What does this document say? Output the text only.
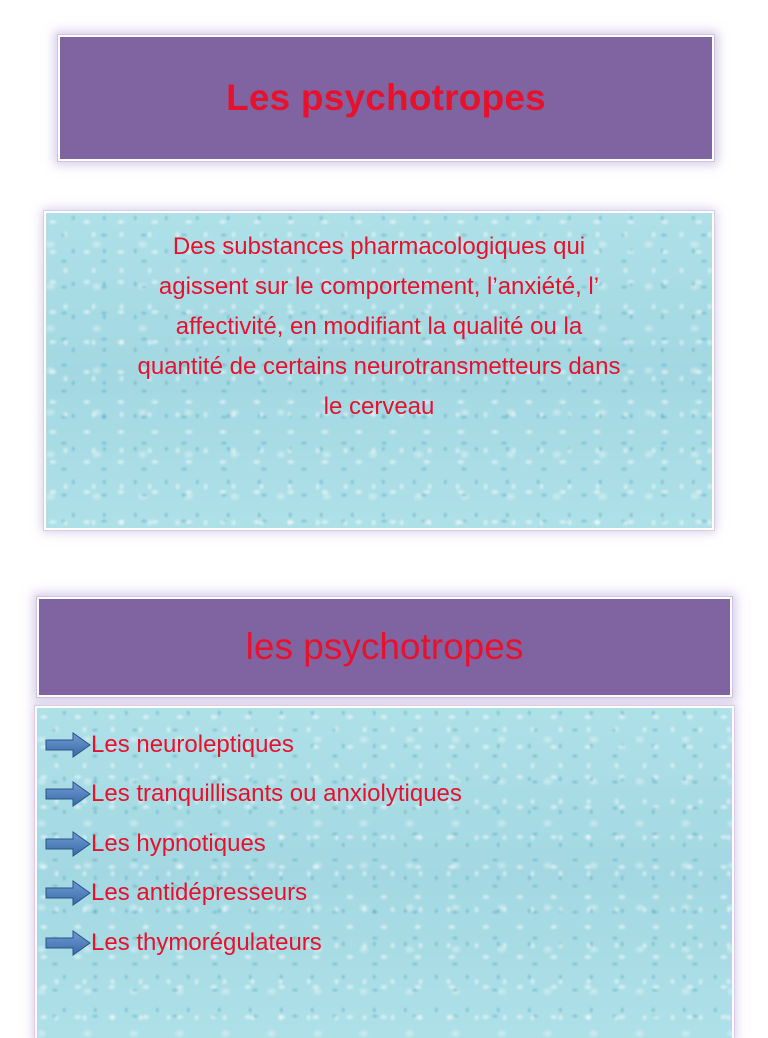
Les psychotropes
Des substances pharmacologiques qui
agissent sur le comportement, l’anxiété, l’
affectivité, en modifiant la qualité ou la
quantité de certains neurotransmetteurs dans
le cerveau
les psychotropes
Les neuroleptiques
Les tranquillisants ou anxiolytiques
Les hypnotiques
Les antidépresseurs
Les thymorégulateurs
